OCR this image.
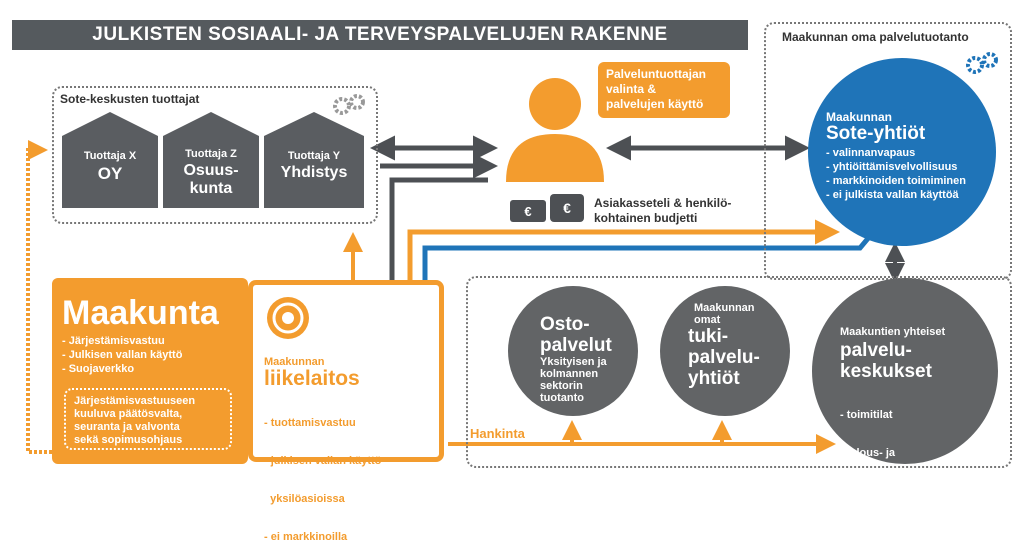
JULKISTEN SOSIAALI- JA TERVEYSPALVELUJEN RAKENNE
Sote-keskusten tuottajat
Tuottaja X
OY
Tuottaja Z
Osuus-
kunta
Tuottaja Y
Yhdistys
Palveluntuottajan
valinta &
palvelujen käyttö
€ € Asiakasseteli & henkilö-
kohtainen budjetti
Maakunnan oma palvelutuotanto
Maakunnan
Sote-yhtiöt
- valinnanvapaus
- yhtiöittämisvelvollisuus
- markkinoiden toimiminen
- ei julkista vallan käyttöä
Maakunta
- Järjestämisvastuu
- Julkisen vallan käyttö
- Suojaverkko
Järjestämisvastuuseen
kuuluva päätösvalta,
seuranta ja valvonta
sekä sopimusohjaus
Maakunnan
liikelaitos

- tuottamisvastuu

- julkisen vallan käyttö

yksilöasioissa

- ei markkinoilla

Hankinta
Osto-
palvelut
Yksityisen ja
kolmannen
sektorin
tuotanto
Maakunnan
omat
tuki-
palvelu-
yhtiöt
Maakuntien yhteiset
palvelu-
keskukset

- toimitilat

- talous- ja

henkilöstöhallinto

- ICT
